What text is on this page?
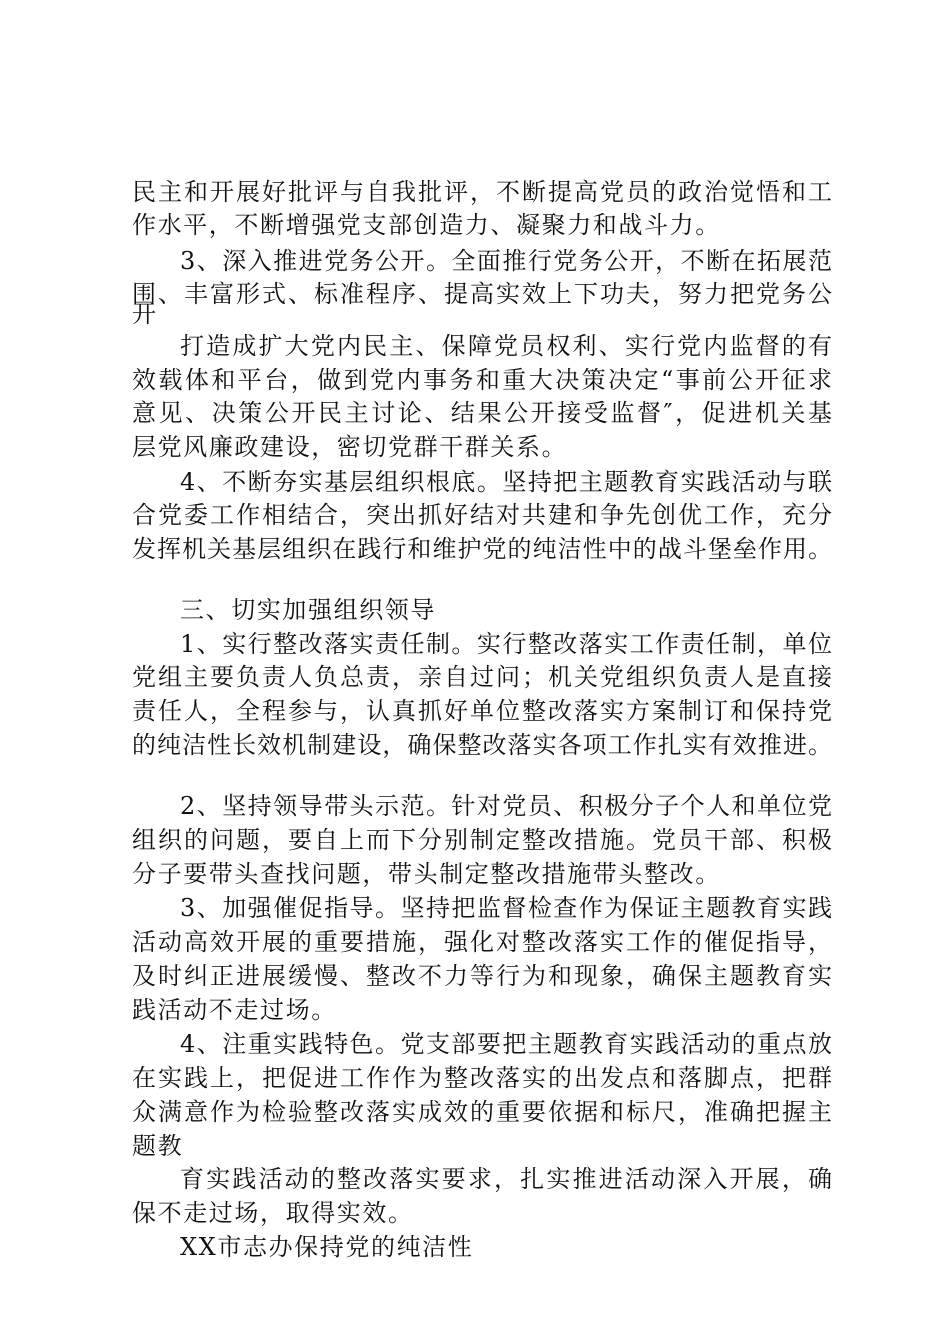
民主和开展好批评与自我批评，不断提高党员的政治觉悟和工
作水平，不断增强党支部创造力、凝聚力和战斗力。
3、深入推进党务公开。全面推行党务公开，不断在拓展范
围、丰富形式、标准程序、提高实效上下功夫，努力把党务公
开
打造成扩大党内民主、保障党员权利、实行党内监督的有
效载体和平台，做到党内事务和重大决策决定“事前公开征求
意见、决策公开民主讨论、结果公开接受监督″，促进机关基
层党风廉政建设，密切党群干群关系。
4、不断夯实基层组织根底。坚持把主题教育实践活动与联
合党委工作相结合，突出抓好结对共建和争先创优工作，充分
发挥机关基层组织在践行和维护党的纯洁性中的战斗堡垒作用。
三、切实加强组织领导
1、实行整改落实责任制。实行整改落实工作责任制，单位
党组主要负责人负总责，亲自过问；机关党组织负责人是直接
责任人，全程参与，认真抓好单位整改落实方案制订和保持党
的纯洁性长效机制建设，确保整改落实各项工作扎实有效推进。
2、坚持领导带头示范。针对党员、积极分子个人和单位党
组织的问题，要自上而下分别制定整改措施。党员干部、积极
分子要带头查找问题，带头制定整改措施带头整改。
3、加强催促指导。坚持把监督检查作为保证主题教育实践
活动高效开展的重要措施，强化对整改落实工作的催促指导，
及时纠正进展缓慢、整改不力等行为和现象，确保主题教育实
践活动不走过场。
4、注重实践特色。党支部要把主题教育实践活动的重点放
在实践上，把促进工作作为整改落实的出发点和落脚点，把群
众满意作为检验整改落实成效的重要依据和标尺，准确把握主
题教
育实践活动的整改落实要求，扎实推进活动深入开展，确
保不走过场，取得实效。
XX市志办保持党的纯洁性
